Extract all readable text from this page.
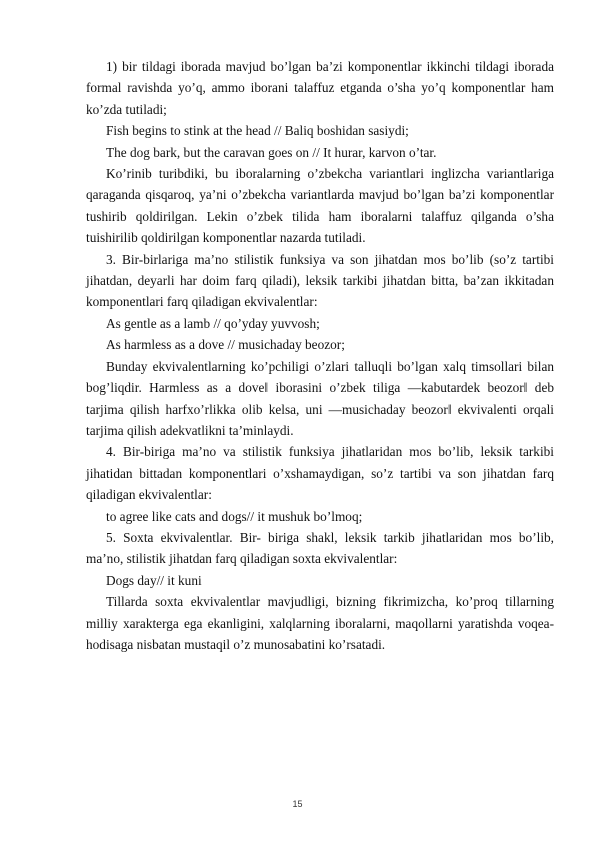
1) bir tildagi iborada mavjud bo’lgan ba’zi komponentlar ikkinchi tildagi iborada formal ravishda yo’q, ammo iborani talaffuz etganda o’sha yo’q komponentlar ham ko’zda tutiladi;

Fish begins to stink at the head // Baliq boshidan sasiydi;

The dog bark, but the caravan goes on // It hurar, karvon o’tar.

Ko’rinib turibdiki, bu iboralarning o’zbekcha variantlari inglizcha variantlariga qaraganda qisqaroq, ya’ni o’zbekcha variantlarda mavjud bo’lgan ba’zi komponentlar tushirib qoldirilgan. Lekin o’zbek tilida ham iboralarni talaffuz qilganda o’sha tuishirilib qoldirilgan komponentlar nazarda tutiladi.

3. Bir-birlariga ma’no stilistik funksiya va son jihatdan mos bo’lib (so’z tartibi jihatdan, deyarli har doim farq qiladi), leksik tarkibi jihatdan bitta, ba’zan ikkitadan komponentlari farq qiladigan ekvivalentlar:

As gentle as a lamb // qo’yday yuvvosh;

As harmless as a dove // musichaday beozor;

Bunday ekvivalentlarning ko’pchiligi o’zlari talluqli bo’lgan xalq timsollari bilan bog’liqdir. Harmless as a dove‖ iborasini o’zbek tiliga ―kabutardek beozor‖ deb tarjima qilish harfxo’rlikka olib kelsa, uni ―musichaday beozor‖ ekvivalenti orqali tarjima qilish adekvatlikni ta’minlaydi.

4. Bir-biriga ma’no va stilistik funksiya jihatlaridan mos bo’lib, leksik tarkibi jihatidan bittadan komponentlari o’xshamaydigan, so’z tartibi va son jihatdan farq qiladigan ekvivalentlar:

to agree like cats and dogs// it mushuk bo’lmoq;

5. Soxta ekvivalentlar. Bir- biriga shakl, leksik tarkib jihatlaridan mos bo’lib, ma’no, stilistik jihatdan farq qiladigan soxta ekvivalentlar:

Dogs day// it kuni

Tillarda soxta ekvivalentlar mavjudligi, bizning fikrimizcha, ko’proq tillarning milliy xarakterga ega ekanligini, xalqlarning iboralarni, maqollarni yaratishda voqea-hodisaga nisbatan mustaqil o’z munosabatini ko’rsatadi.

15
